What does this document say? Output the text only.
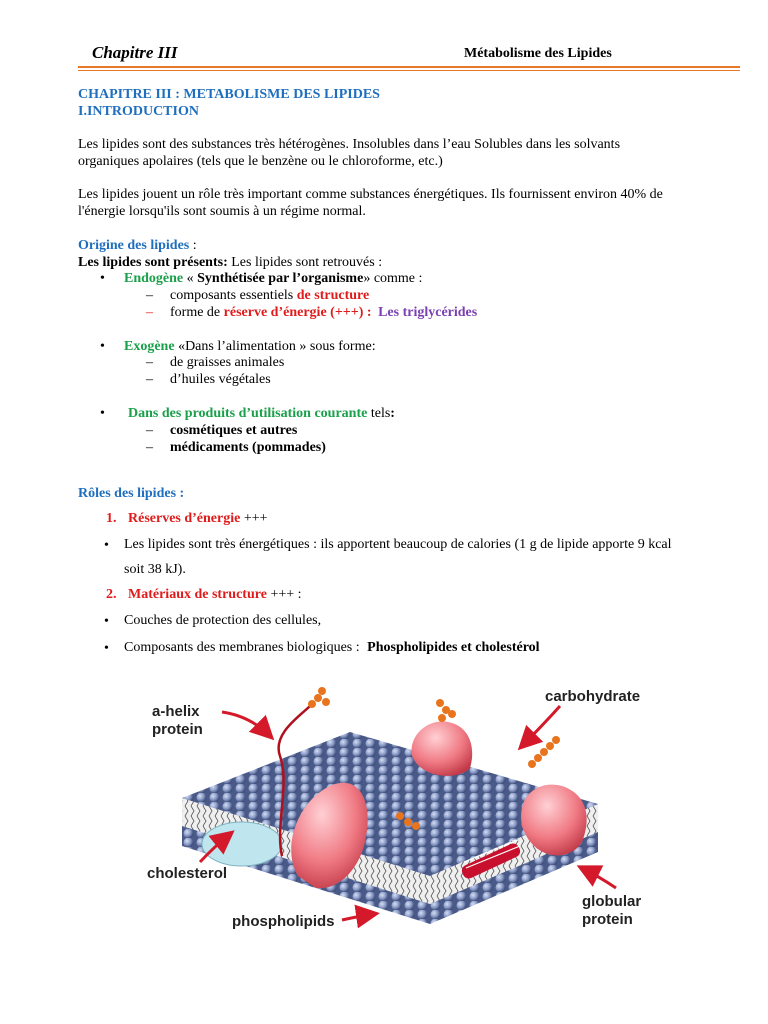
Chapitre III	Métabolisme des Lipides
CHAPITRE III : METABOLISME DES LIPIDES
I.INTRODUCTION
Les lipides sont des substances très hétérogènes. Insolubles dans l’eau Solubles dans les solvants
organiques apolaires (tels que le benzène ou le chloroforme, etc.)
Les lipides jouent un rôle très important comme substances énergétiques. Ils fournissent environ 40% de
l'énergie lorsqu'ils sont soumis à un régime normal.
Origine des lipides :
Les lipides sont présents: Les lipides sont retrouvés :
• Endogène « Synthétisée par l’organisme» comme :
– composants essentiels de structure
– forme de réserve d’énergie (+++) : Les triglycérides
• Exogène «Dans l’alimentation » sous forme:
– de graisses animales
– d’huiles végétales
• Dans des produits d’utilisation courante tels:
– cosmétiques et autres
– médicaments (pommades)
Rôles des lipides :
1. Réserves d’énergie +++
• Les lipides sont très énergétiques : ils apportent beaucoup de calories (1 g de lipide apporte 9 kcal
soit 38 kJ).
2. Matériaux de structure +++ :
• Couches de protection des cellules,
• Composants des membranes biologiques : Phospholipides et cholestérol
a-helix
protein
carbohydrate
cholesterol
phospholipids
globular
protein
